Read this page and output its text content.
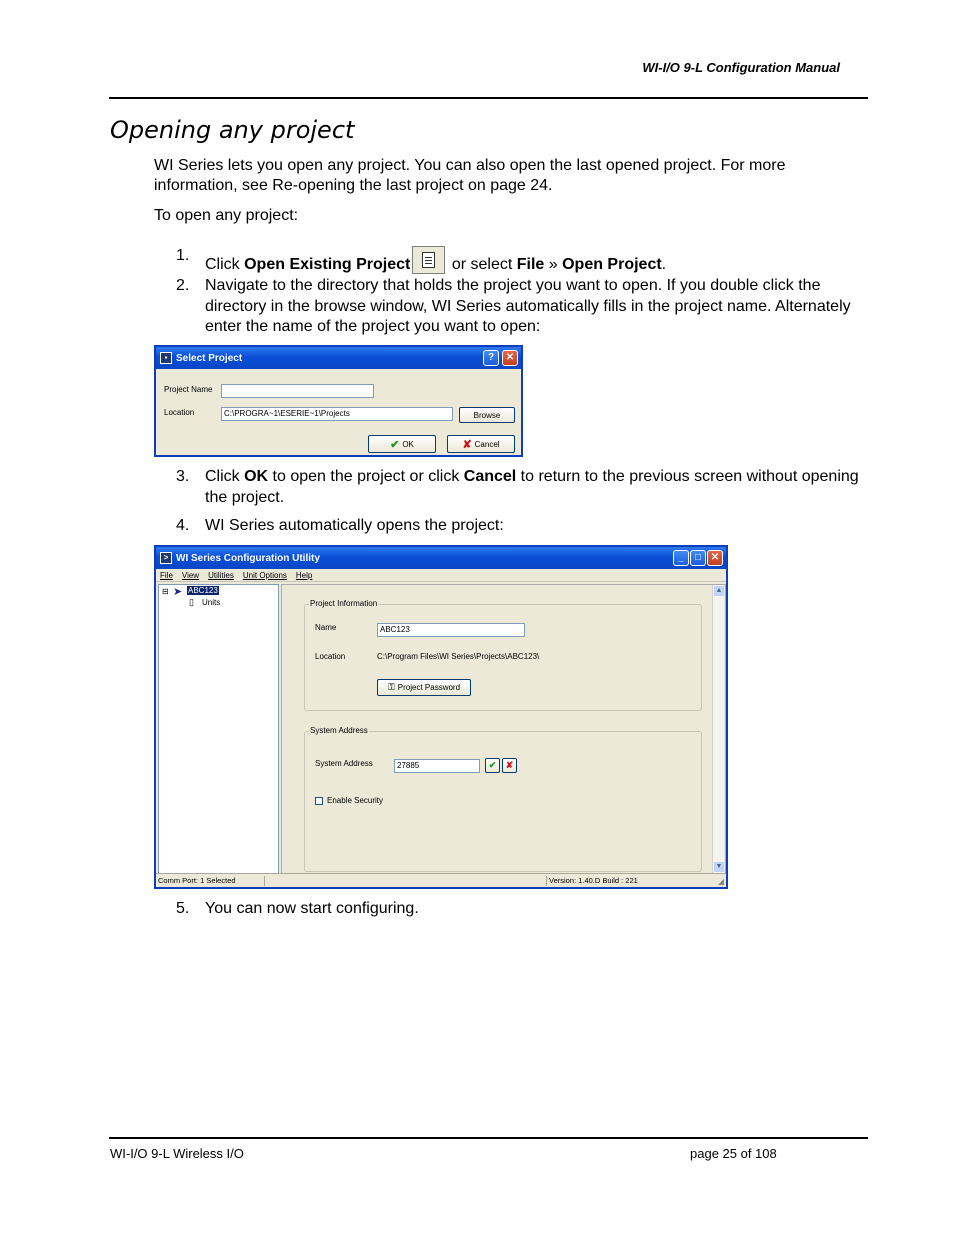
WI-I/O 9-L Configuration Manual
Opening any project
WI Series lets you open any project. You can also open the last opened project. For more
information, see Re-opening the last project on page 24.
To open any project:
1.
Click Open Existing Project
or select File » Open Project.
2. Navigate to the directory that holds the project you want to open. If you double click the directory in the browse window, WI Series automatically fills in the project name. Alternately enter the name of the project you want to open:
▪ Select Project	?	✕
Project Name
Location	C:\PROGRA~1\ESERIE~1\Projects	Browse
✔ OK	✘ Cancel
3. Click OK to open the project or click Cancel to return to the previous screen without opening the project.
4. WI Series automatically opens the project:
> WI Series Configuration Utility	_	□ ✕
File View Utilities Unit Options Help
⊟ ➤ ABC123
▯ Units	Project Information
Name	ABC123
Location	C:\Program Files\WI Series\Projects\ABC123\
⚿ Project Password
System Address
System Address	27885	✔ ✘
Enable Security
▲
▼
Comm Port: 1 Selected	Version: 1.40.D Build : 221	◢
5. You can now start configuring.
WI-I/O 9-L Wireless I/O	page 25 of 108
